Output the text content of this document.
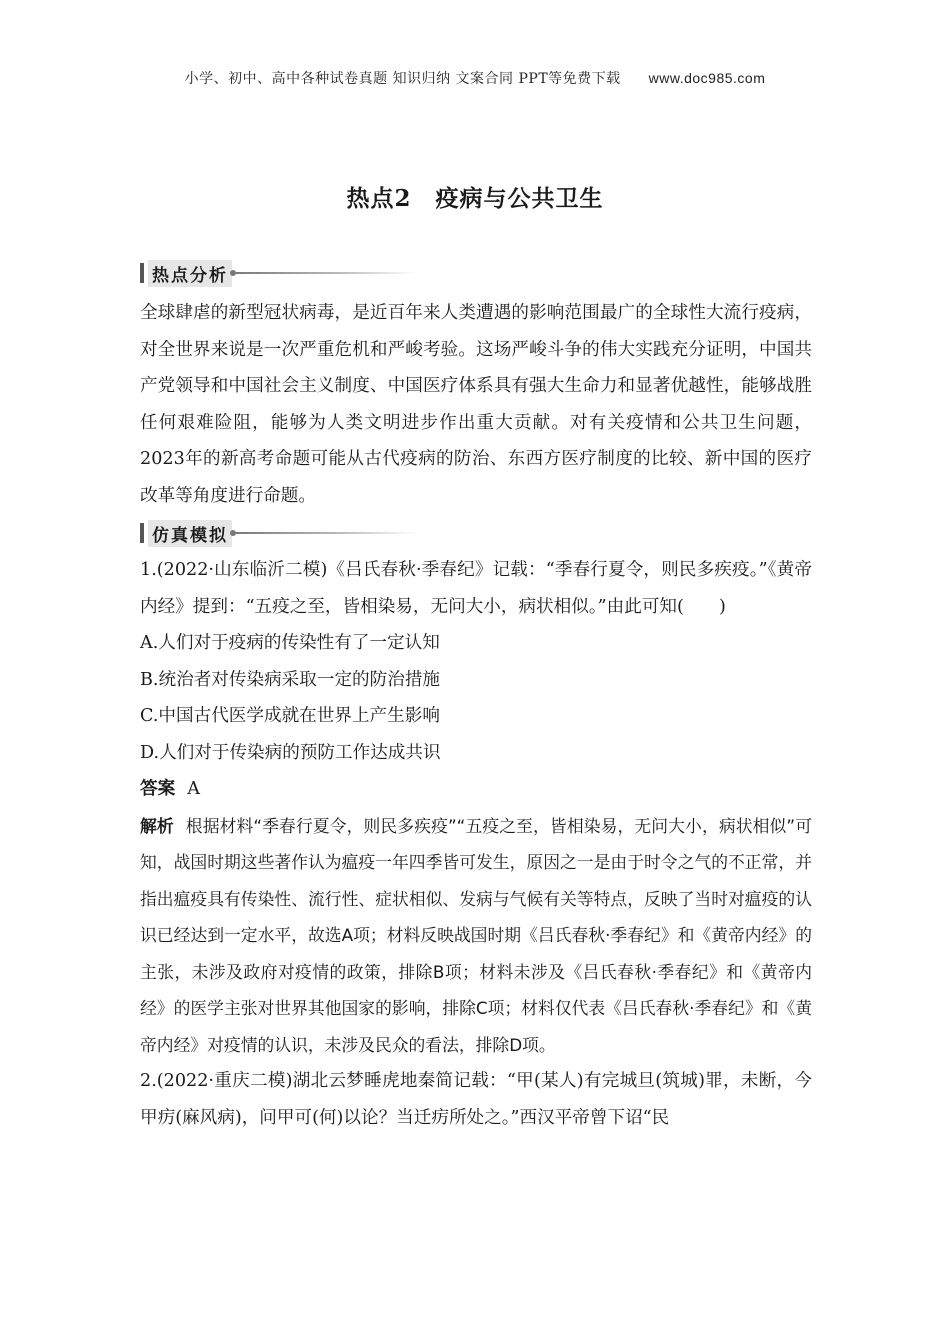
小学、初中、高中各种试卷真题 知识归纳 文案合同 PPT等免费下载 www.doc985.com
热点2 疫病与公共卫生
热点分析

全球肆虐的新型冠状病毒，是近百年来人类遭遇的影响范围最广的全球性大流行疫病，对全世界来说是一次严重危机和严峻考验。这场严峻斗争的伟大实践充分证明，中国共产党领导和中国社会主义制度、中国医疗体系具有强大生命力和显著优越性，能够战胜任何艰难险阻，能够为人类文明进步作出重大贡献。对有关疫情和公共卫生问题，2023年的新高考命题可能从古代疫病的防治、东西方医疗制度的比较、新中国的医疗改革等角度进行命题。

仿真模拟

1.(2022·山东临沂二模)《吕氏春秋·季春纪》记载：“季春行夏令，则民多疾疫。”《黄帝内经》提到：“五疫之至，皆相染易，无问大小，病状相似。”由此可知(　　)

A.人们对于疫病的传染性有了一定认知

B.统治者对传染病采取一定的防治措施

C.中国古代医学成就在世界上产生影响

D.人们对于传染病的预防工作达成共识

答案 A

解析 根据材料“季春行夏令，则民多疾疫”“五疫之至，皆相染易，无问大小，病状相似”可知，战国时期这些著作认为瘟疫一年四季皆可发生，原因之一是由于时令之气的不正常，并指出瘟疫具有传染性、流行性、症状相似、发病与气候有关等特点，反映了当时对瘟疫的认识已经达到一定水平，故选A项；材料反映战国时期《吕氏春秋·季春纪》和《黄帝内经》的主张，未涉及政府对疫情的政策，排除B项；材料未涉及《吕氏春秋·季春纪》和《黄帝内经》的医学主张对世界其他国家的影响，排除C项；材料仅代表《吕氏春秋·季春纪》和《黄帝内经》对疫情的认识，未涉及民众的看法，排除D项。

2.(2022·重庆二模)湖北云梦睡虎地秦简记载：“甲(某人)有完城旦(筑城)罪，未断，今甲疠(麻风病)，问甲可(何)以论？当迁疠所处之。”西汉平帝曾下诏“民
